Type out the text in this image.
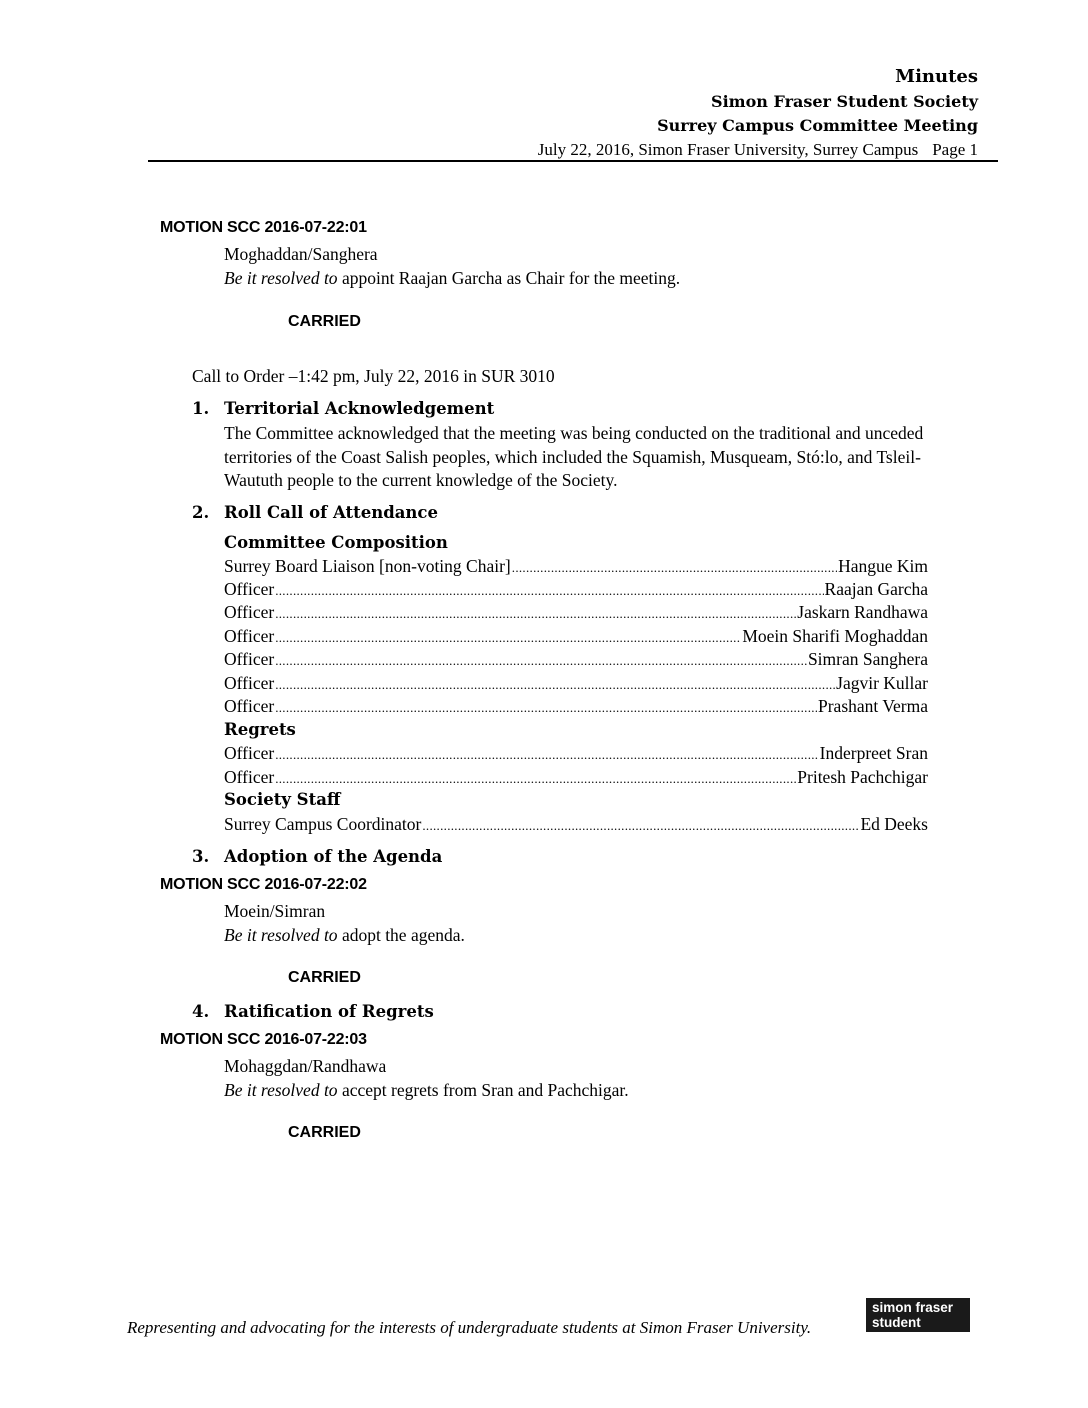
Minutes
Simon Fraser Student Society
Surrey Campus Committee Meeting
July 22, 2016, Simon Fraser University, Surrey Campus Page 1
MOTION SCC 2016-07-22:01
Moghaddan/Sanghera
Be it resolved to appoint Raajan Garcha as Chair for the meeting.
CARRIED
Call to Order –1:42 pm, July 22, 2016 in SUR 3010
1. Territorial Acknowledgement
The Committee acknowledged that the meeting was being conducted on the traditional and unceded territories of the Coast Salish peoples, which included the Squamish, Musqueam, Stó:lo, and Tsleil-Waututh people to the current knowledge of the Society.
2. Roll Call of Attendance
Committee Composition
Surrey Board Liaison [non-voting Chair] .....	Hangue Kim
Officer .....	Raajan Garcha
Officer .....	Jaskarn Randhawa
Officer .....	Moein Sharifi Moghaddan
Officer .....	Simran Sanghera
Officer .....	Jagvir Kullar
Officer .....	Prashant Verma
Regrets
Officer .....	Inderpreet Sran
Officer .....	Pritesh Pachchigar
Society Staff
Surrey Campus Coordinator .....	Ed Deeks
3. Adoption of the Agenda
MOTION SCC 2016-07-22:02
Moein/Simran
Be it resolved to adopt the agenda.
CARRIED
4. Ratification of Regrets
MOTION SCC 2016-07-22:03
Mohaggdan/Randhawa
Be it resolved to accept regrets from Sran and Pachchigar.
CARRIED
Representing and advocating for the interests of undergraduate students at Simon Fraser University.
simon fraser
student society
